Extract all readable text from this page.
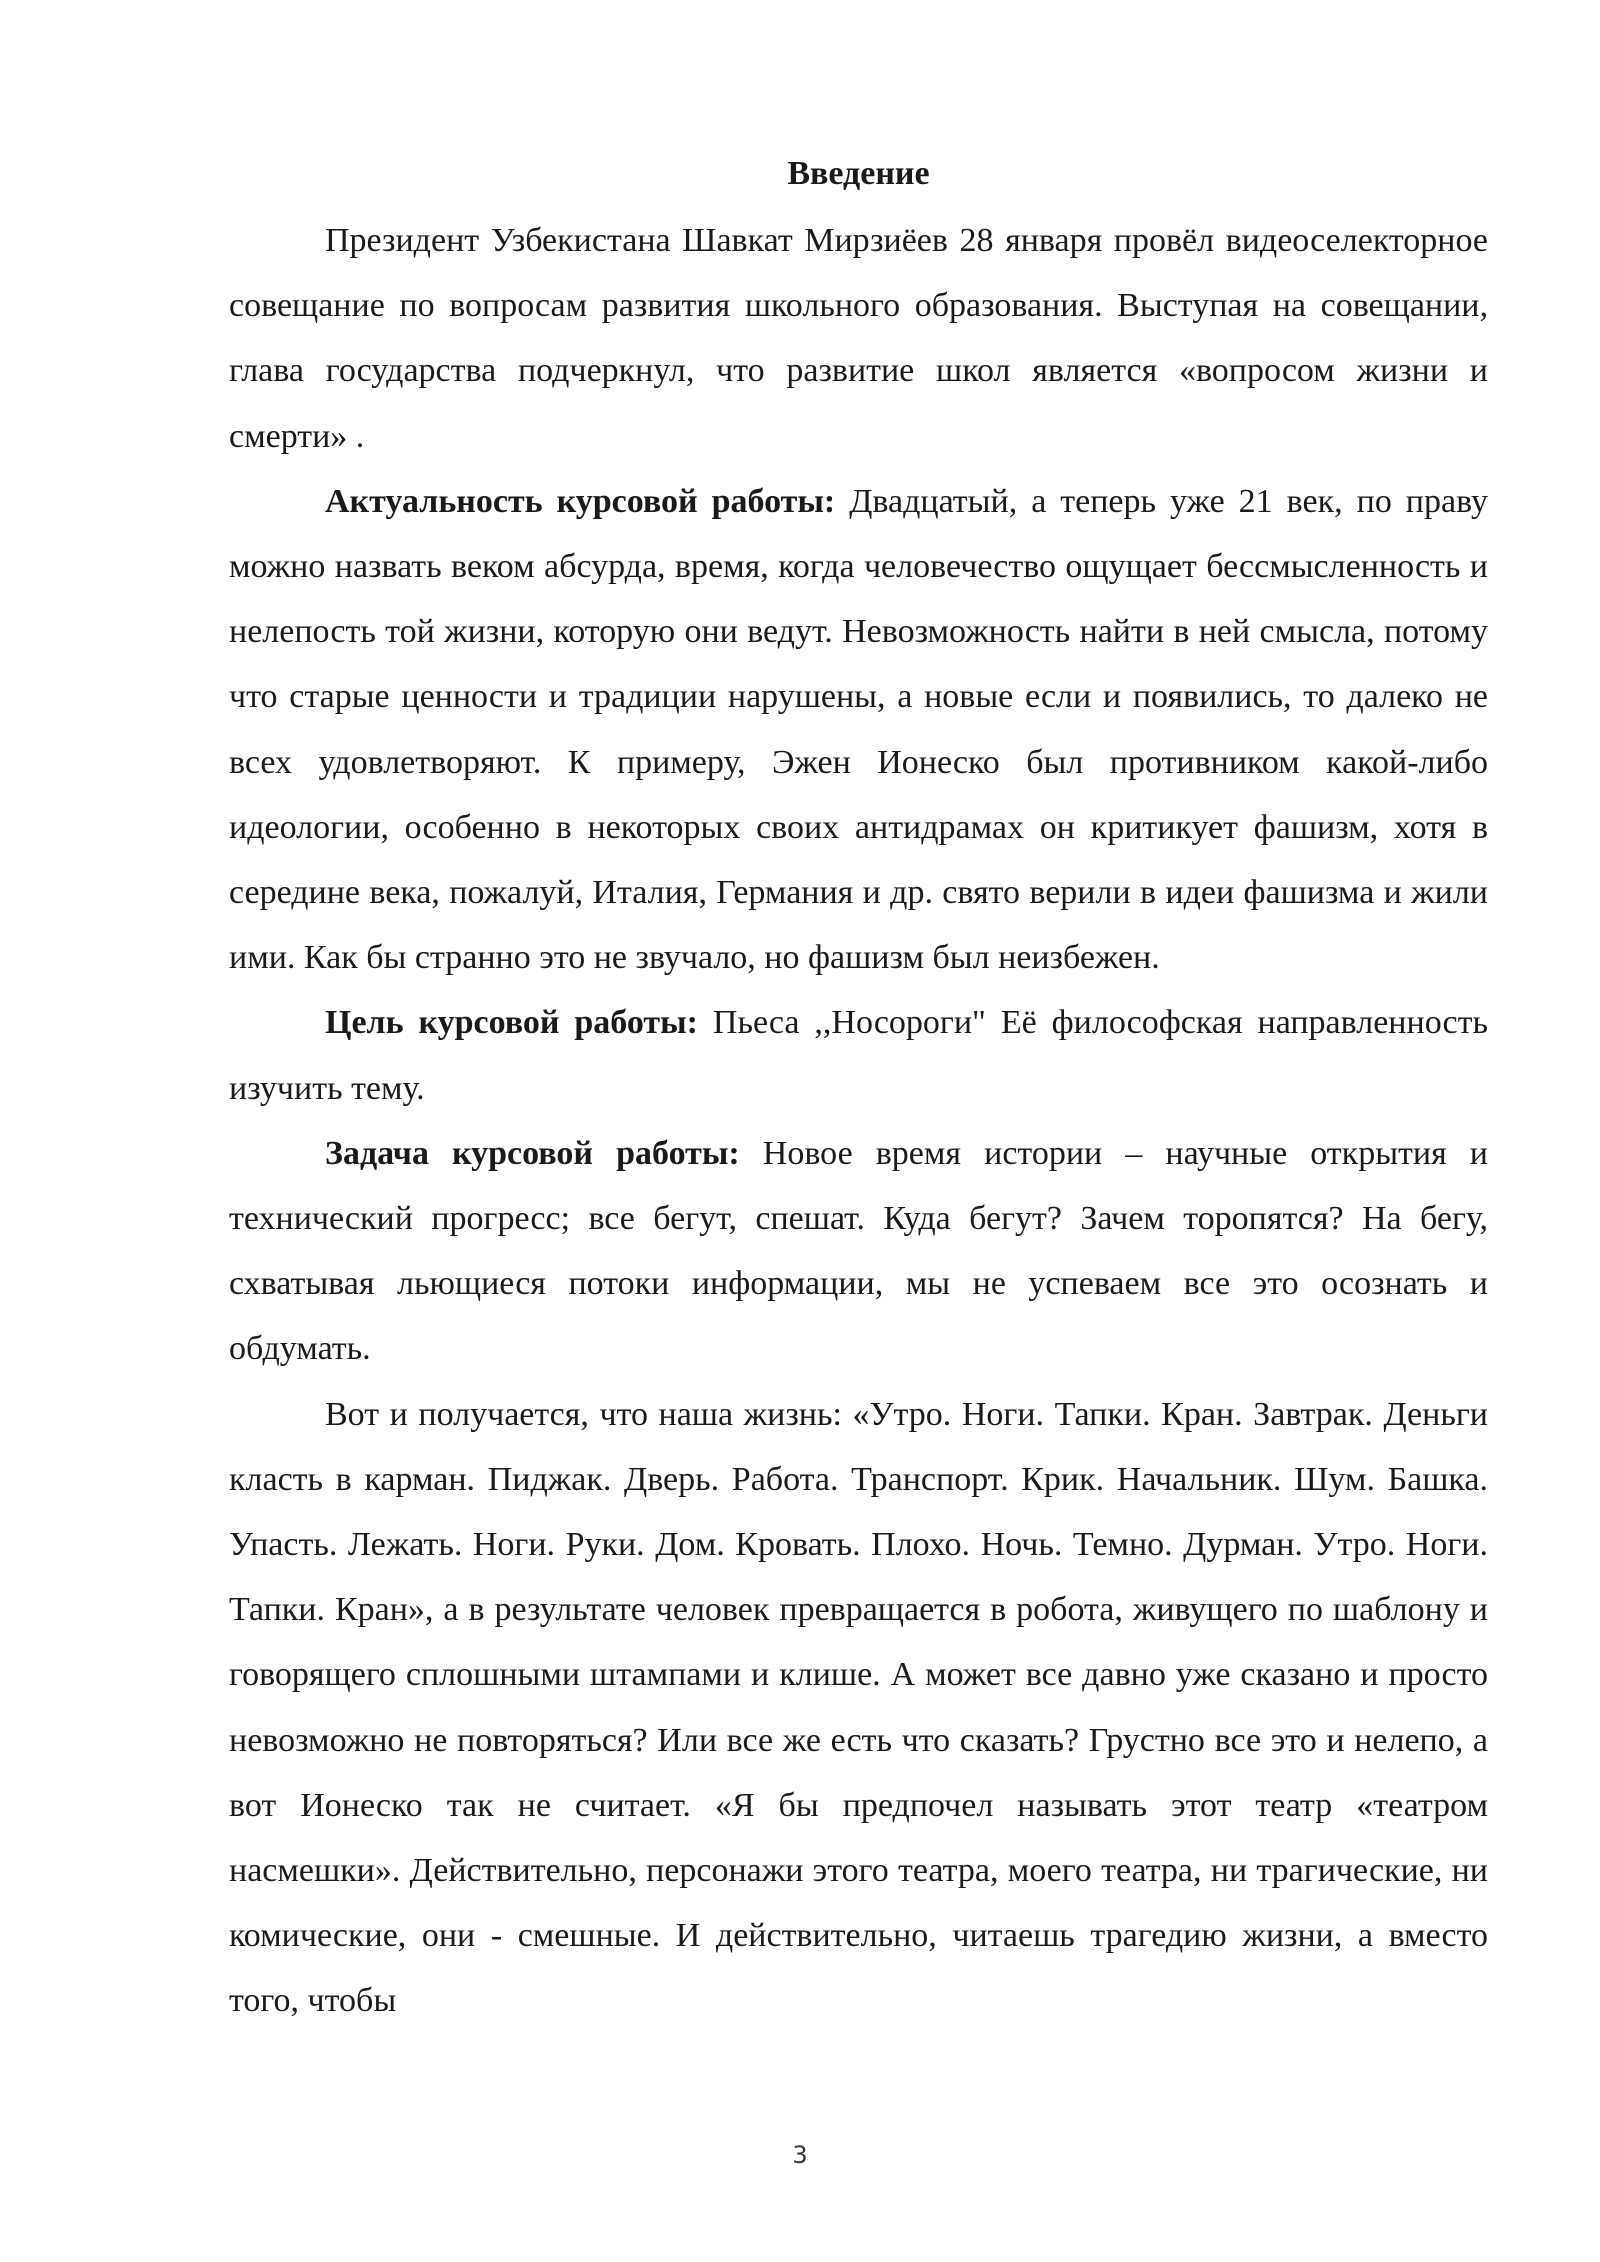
Введение

Президент Узбекистана Шавкат Мирзиёев 28 января провёл видеоселекторное совещание по вопросам развития школьного образования. Выступая на совещании, глава государства подчеркнул, что развитие школ является «вопросом жизни и смерти» .

Актуальность курсовой работы: Двадцатый, а теперь уже 21 век, по праву можно назвать веком абсурда, время, когда человечество ощущает бессмысленность и нелепость той жизни, которую они ведут. Невозможность найти в ней смысла, потому что старые ценности и традиции нарушены, а новые если и появились, то далеко не всех удовлетворяют. К примеру, Эжен Ионеско был противником какой-либо идеологии, особенно в некоторых своих антидрамах он критикует фашизм, хотя в середине века, пожалуй, Италия, Германия и др. свято верили в идеи фашизма и жили ими. Как бы странно это не звучало, но фашизм был неизбежен.

Цель курсовой работы: Пьеса ,,Носороги" Её философская направленность изучить тему.

Задача курсовой работы: Новое время истории – научные открытия и технический прогресс; все бегут, спешат. Куда бегут? Зачем торопятся? На бегу, схватывая льющиеся потоки информации, мы не успеваем все это осознать и обдумать.

Вот и получается, что наша жизнь: «Утро. Ноги. Тапки. Кран. Завтрак. Деньги класть в карман. Пиджак. Дверь. Работа. Транспорт. Крик. Начальник. Шум. Башка. Упасть. Лежать. Ноги. Руки. Дом. Кровать. Плохо. Ночь. Темно. Дурман. Утро. Ноги. Тапки. Кран», а в результате человек превращается в робота, живущего по шаблону и говорящего сплошными штампами и клише. А может все давно уже сказано и просто невозможно не повторяться? Или все же есть что сказать? Грустно все это и нелепо, а вот Ионеско так не считает. «Я бы предпочел называть этот театр «театром насмешки». Действительно, персонажи этого театра, моего театра, ни трагические, ни комические, они - смешные. И действительно, читаешь трагедию жизни, а вместо того, чтобы

3
